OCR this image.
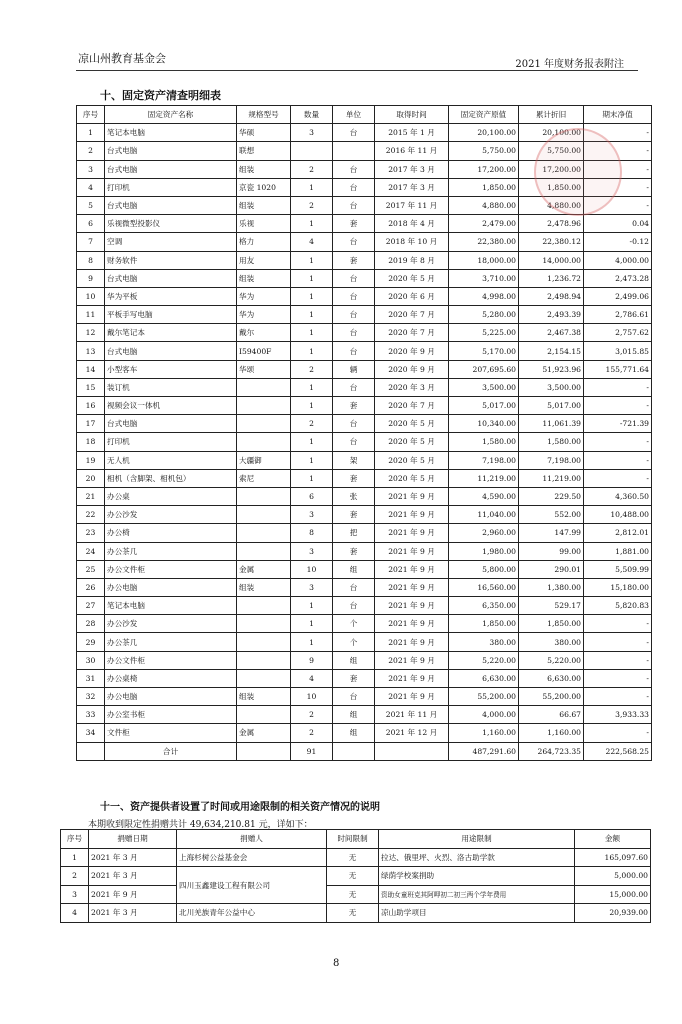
凉山州教育基金会	2021 年度财务报表附注
十、固定资产清查明细表
序号	固定资产名称	规格型号	数量	单位	取得时间	固定资产原值	累计折旧	期末净值
1	笔记本电脑	华硕	3	台	2015 年 1 月	20,100.00	20,100.00	-
2	台式电脑	联想			2016 年 11 月	5,750.00	5,750.00	-
3	台式电脑	组装	2	台	2017 年 3 月	17,200.00	17,200.00	-
4	打印机	京瓷 1020	1	台	2017 年 3 月	1,850.00	1,850.00	-
5	台式电脑	组装	2	台	2017 年 11 月	4,880.00	4,880.00	-
6	乐视微型投影仪	乐视	1	套	2018 年 4 月	2,479.00	2,478.96	0.04
7	空调	格力	4	台	2018 年 10 月	22,380.00	22,380.12	-0.12
8	财务软件	用友	1	套	2019 年 8 月	18,000.00	14,000.00	4,000.00
9	台式电脑	组装	1	台	2020 年 5 月	3,710.00	1,236.72	2,473.28
10	华为平板	华为	1	台	2020 年 6 月	4,998.00	2,498.94	2,499.06
11	平板手写电脑	华为	1	台	2020 年 7 月	5,280.00	2,493.39	2,786.61
12	戴尔笔记本	戴尔	1	台	2020 年 7 月	5,225.00	2,467.38	2,757.62
13	台式电脑	I59400F	1	台	2020 年 9 月	5,170.00	2,154.15	3,015.85
14	小型客车	华颂	2	辆	2020 年 9 月	207,695.60	51,923.96	155,771.64
15	装订机		1	台	2020 年 3 月	3,500.00	3,500.00	-
16	视频会议一体机		1	套	2020 年 7 月	5,017.00	5,017.00	-
17	台式电脑		2	台	2020 年 5 月	10,340.00	11,061.39	-721.39
18	打印机		1	台	2020 年 5 月	1,580.00	1,580.00	-
19	无人机	大疆御	1	架	2020 年 5 月	7,198.00	7,198.00	-
20	相机（含脚架、相机包）	索尼	1	套	2020 年 5 月	11,219.00	11,219.00	-
21	办公桌		6	张	2021 年 9 月	4,590.00	229.50	4,360.50
22	办公沙发		3	套	2021 年 9 月	11,040.00	552.00	10,488.00
23	办公椅		8	把	2021 年 9 月	2,960.00	147.99	2,812.01
24	办公茶几		3	套	2021 年 9 月	1,980.00	99.00	1,881.00
25	办公文件柜	金属	10	组	2021 年 9 月	5,800.00	290.01	5,509.99
26	办公电脑	组装	3	台	2021 年 9 月	16,560.00	1,380.00	15,180.00
27	笔记本电脑		1	台	2021 年 9 月	6,350.00	529.17	5,820.83
28	办公沙发		1	个	2021 年 9 月	1,850.00	1,850.00	-
29	办公茶几		1	个	2021 年 9 月	380.00	380.00	-
30	办公文件柜		9	组	2021 年 9 月	5,220.00	5,220.00	-
31	办公桌椅		4	套	2021 年 9 月	6,630.00	6,630.00	-
32	办公电脑	组装	10	台	2021 年 9 月	55,200.00	55,200.00	-
33	办公室书柜		2	组	2021 年 11 月	4,000.00	66.67	3,933.33
34	文件柜	金属	2	组	2021 年 12 月	1,160.00	1,160.00	-
	合计		91			487,291.60	264,723.35	222,568.25
十一、资产提供者设置了时间或用途限制的相关资产情况的说明
本期收到限定性捐赠共计 49,634,210.81 元，详如下：
序号	捐赠日期	捐赠人	时间限制	用途限制	金额
1	2021 年 3 月	上海杉树公益基金会	无	拉达、俄里坪、火烈、洛古助学款	165,097.60
2	2021 年 3 月	四川玉鑫建设工程有限公司	无	绿荫学校案捐助	5,000.00
3	2021 年 9 月		无	资助女童班克其阿呷初二初三两个学年费用	15,000.00
4	2021 年 3 月	北川羌族青年公益中心	无	凉山助学项目	20,939.00
8
